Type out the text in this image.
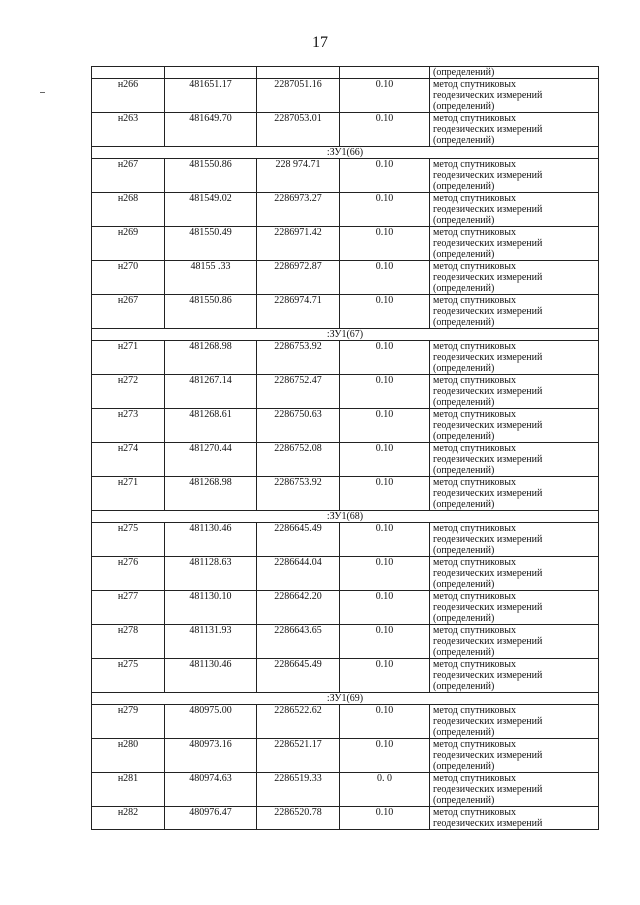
17

				(определений)

н266	481651.17	2287051.16	0.10	метод спутниковых
геодезических измерений
(определений)

н263	481649.70	2287053.01	0.10	метод спутниковых
геодезических измерений
(определений)

:ЗУ1(66)				
н267	481550.86	228 974.71	0.10	метод спутниковых
геодезических измерений
(определений)

н268	481549.02	2286973.27	0.10	метод спутниковых
геодезических измерений
(определений)

н269	481550.49	2286971.42	0.10	метод спутниковых
геодезических измерений
(определений)

н270	48155 .33	2286972.87	0.10	метод спутниковых
геодезических измерений
(определений)

н267	481550.86	2286974.71	0.10	метод спутниковых
геодезических измерений
(определений)

:ЗУ1(67)				
н271	481268.98	2286753.92	0.10	метод спутниковых
геодезических измерений
(определений)

н272	481267.14	2286752.47	0.10	метод спутниковых
геодезических измерений
(определений)

н273	481268.61	2286750.63	0.10	метод спутниковых
геодезических измерений
(определений)

н274	481270.44	2286752.08	0.10	метод спутниковых
геодезических измерений
(определений)

н271	481268.98	2286753.92	0.10	метод спутниковых
геодезических измерений
(определений)

:ЗУ1(68)				
н275	481130.46	2286645.49	0.10	метод спутниковых
геодезических измерений
(определений)

н276	481128.63	2286644.04	0.10	метод спутниковых
геодезических измерений
(определений)

н277	481130.10	2286642.20	0.10	метод спутниковых
геодезических измерений
(определений)

н278	481131.93	2286643.65	0.10	метод спутниковых
геодезических измерений
(определений)

н275	481130.46	2286645.49	0.10	метод спутниковых
геодезических измерений
(определений)

:ЗУ1(69)				
н279	480975.00	2286522.62	0.10	метод спутниковых
геодезических измерений
(определений)

н280	480973.16	2286521.17	0.10	метод спутниковых
геодезических измерений
(определений)

н281	480974.63	2286519.33	0. 0	метод спутниковых
геодезических измерений
(определений)

н282	480976.47	2286520.78	0.10	метод спутниковых
геодезических измерений
